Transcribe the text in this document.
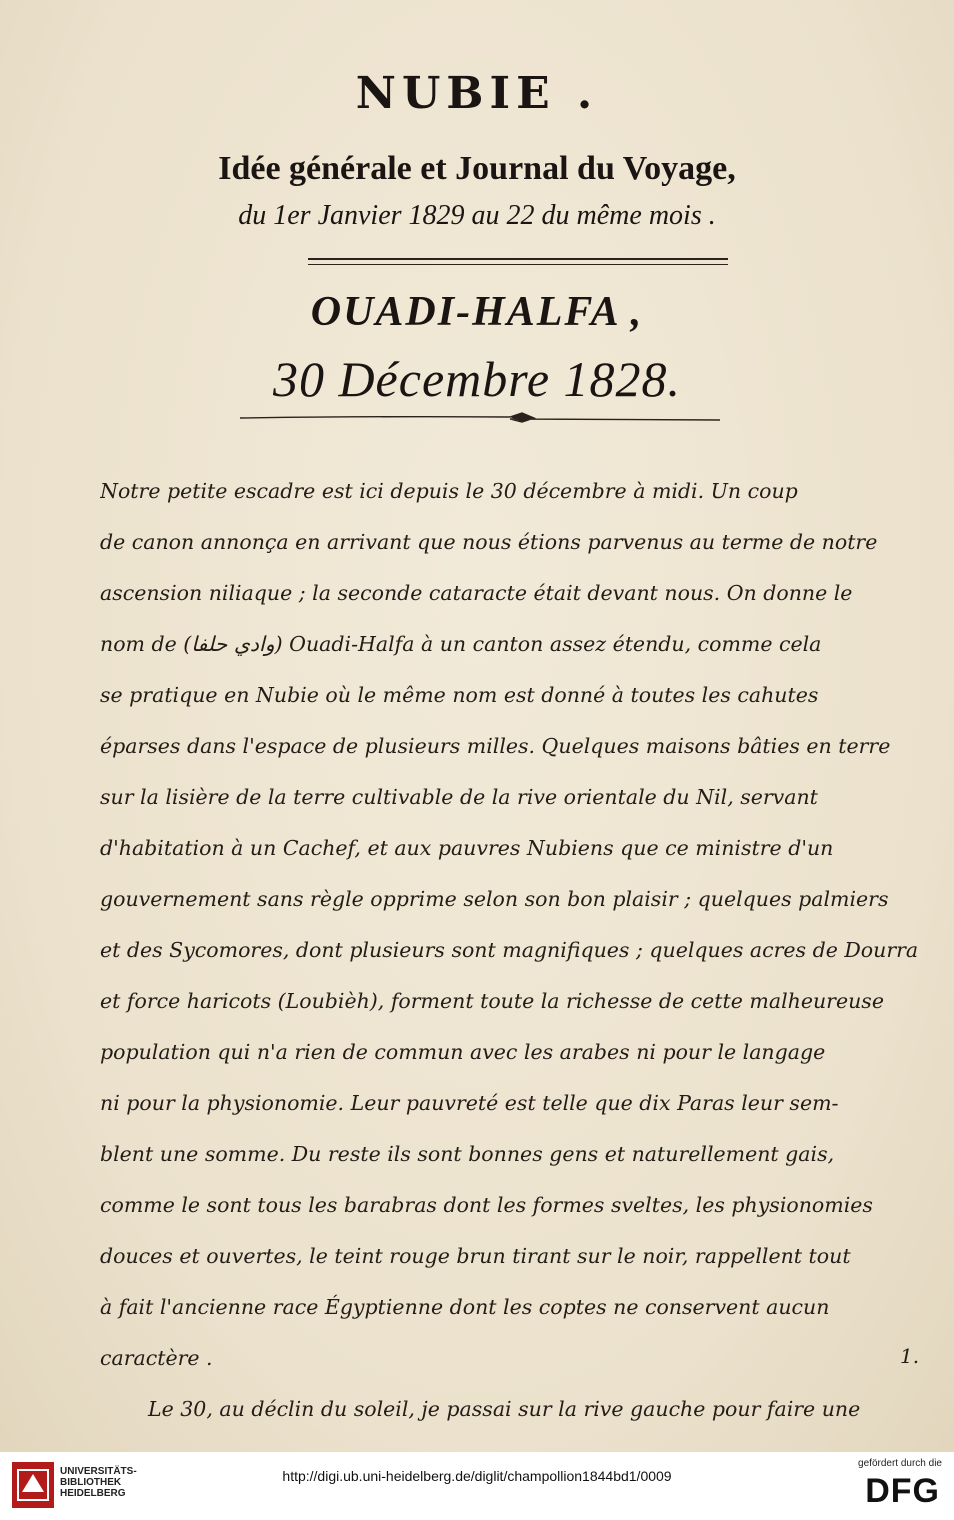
NUBIE .
Idée générale et Journal du Voyage,
du 1er Janvier 1829 au 22 du même mois .
OUADI-HALFA ,
30 Décembre 1828.
Notre petite escadre est ici depuis le 30 décembre à midi. Un coup
de canon annonça en arrivant que nous étions parvenus au terme de notre
ascension niliaque ; la seconde cataracte était devant nous. On donne le
nom de (ﻭﺍﺩﻱ ﺣﻠﻔﺎ) Ouadi-Halfa à un canton assez étendu, comme cela
se pratique en Nubie où le même nom est donné à toutes les cahutes
éparses dans l'espace de plusieurs milles. Quelques maisons bâties en terre
sur la lisière de la terre cultivable de la rive orientale du Nil, servant
d'habitation à un Cachef, et aux pauvres Nubiens que ce ministre d'un
gouvernement sans règle opprime selon son bon plaisir ; quelques palmiers
et des Sycomores, dont plusieurs sont magnifiques ; quelques acres de Dourra
et force haricots (Loubièh), forment toute la richesse de cette malheureuse
population qui n'a rien de commun avec les arabes ni pour le langage
ni pour la physionomie. Leur pauvreté est telle que dix Paras leur sem-
blent une somme. Du reste ils sont bonnes gens et naturellement gais,
comme le sont tous les barabras dont les formes sveltes, les physionomies
douces et ouvertes, le teint rouge brun tirant sur le noir, rappellent tout
à fait l'ancienne race Égyptienne dont les coptes ne conservent aucun
caractère .
Le 30, au déclin du soleil, je passai sur la rive gauche pour faire une
1.
UNIVERSITÄTS-
BIBLIOTHEK
HEIDELBERG
http://digi.ub.uni-heidelberg.de/diglit/champollion1844bd1/0009
gefördert durch die
DFG
